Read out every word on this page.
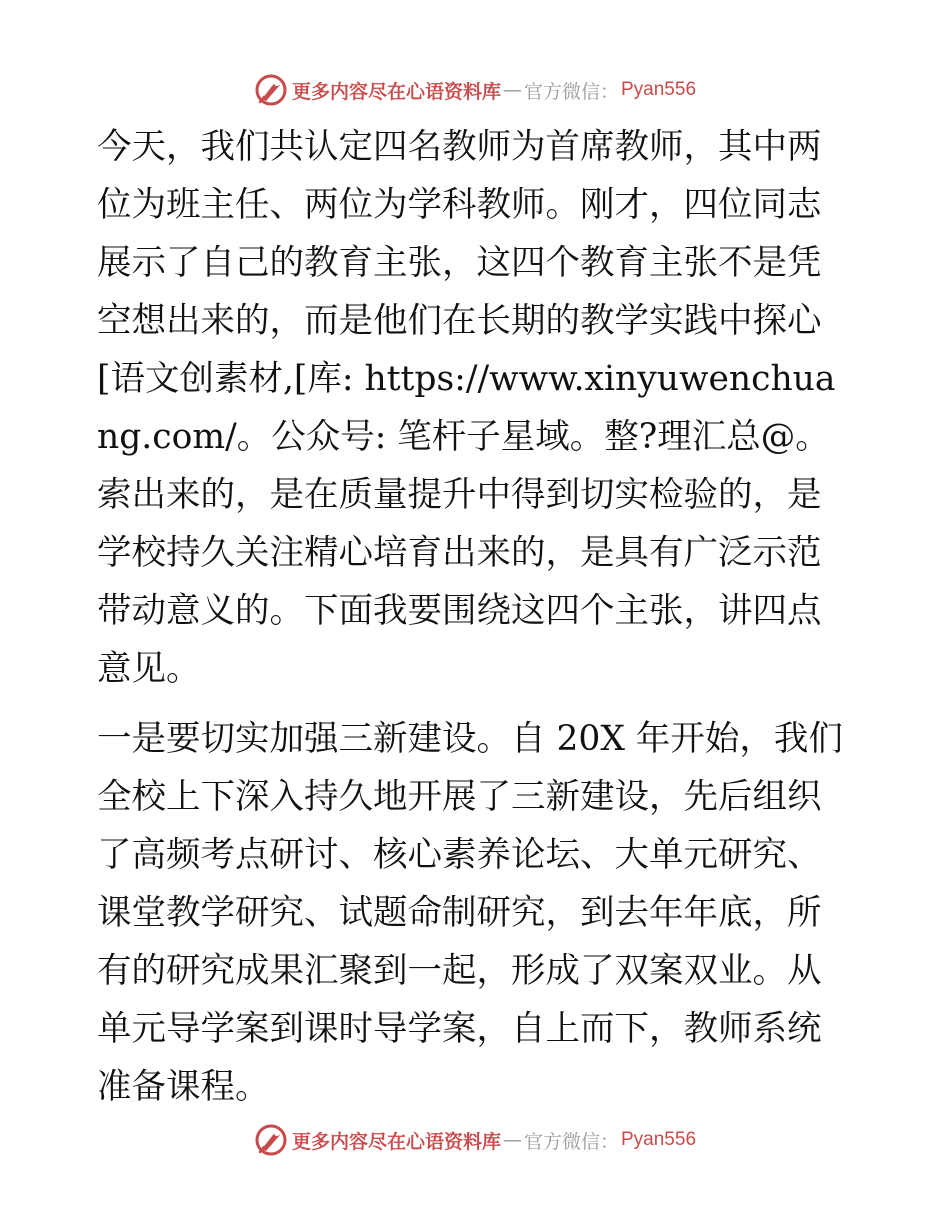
更多内容尽在心语资料库 — 官方微信： Pyan556

今天，我们共认定四名教师为首席教师，其中两位为班主任、两位为学科教师。刚才，四位同志展示了自己的教育主张，这四个教育主张不是凭空想出来的，而是他们在长期的教学实践中探心[语文创素材,[库: https://www.xinyuwenchuang.com/。公众号: 笔杆子星域。整?理汇总@。索出来的，是在质量提升中得到切实检验的，是学校持久关注精心培育出来的，是具有广泛示范带动意义的。下面我要围绕这四个主张，讲四点意见。

一是要切实加强三新建设。自 20X 年开始，我们全校上下深入持久地开展了三新建设，先后组织了高频考点研讨、核心素养论坛、大单元研究、课堂教学研究、试题命制研究，到去年年底，所有的研究成果汇聚到一起，形成了双案双业。从单元导学案到课时导学案，自上而下，教师系统准备课程。

更多内容尽在心语资料库 — 官方微信： Pyan556
